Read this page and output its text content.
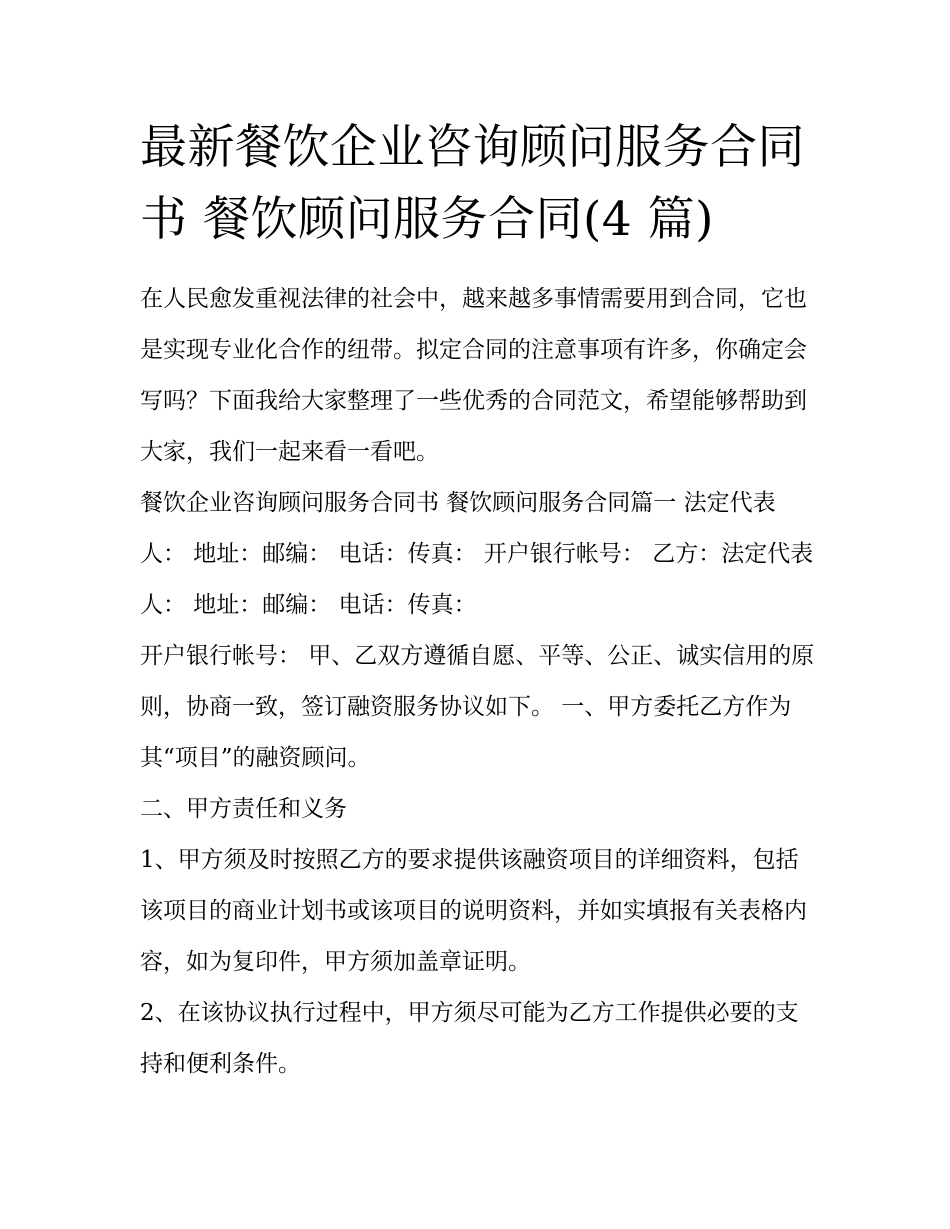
最新餐饮企业咨询顾问服务合同书 餐饮顾问服务合同(4 篇)

在人民愈发重视法律的社会中，越来越多事情需要用到合同，它也是实现专业化合作的纽带。拟定合同的注意事项有许多，你确定会写吗？下面我给大家整理了一些优秀的合同范文，希望能够帮助到大家，我们一起来看一看吧。

餐饮企业咨询顾问服务合同书 餐饮顾问服务合同篇一 法定代表人： 地址：邮编： 电话：传真： 开户银行帐号： 乙方：法定代表人： 地址：邮编： 电话：传真：

开户银行帐号： 甲、乙双方遵循自愿、平等、公正、诚实信用的原则，协商一致，签订融资服务协议如下。 一、甲方委托乙方作为其“项目”的融资顾问。

二、甲方责任和义务

1、甲方须及时按照乙方的要求提供该融资项目的详细资料，包括该项目的商业计划书或该项目的说明资料，并如实填报有关表格内容，如为复印件，甲方须加盖章证明。

2、在该协议执行过程中，甲方须尽可能为乙方工作提供必要的支持和便利条件。
